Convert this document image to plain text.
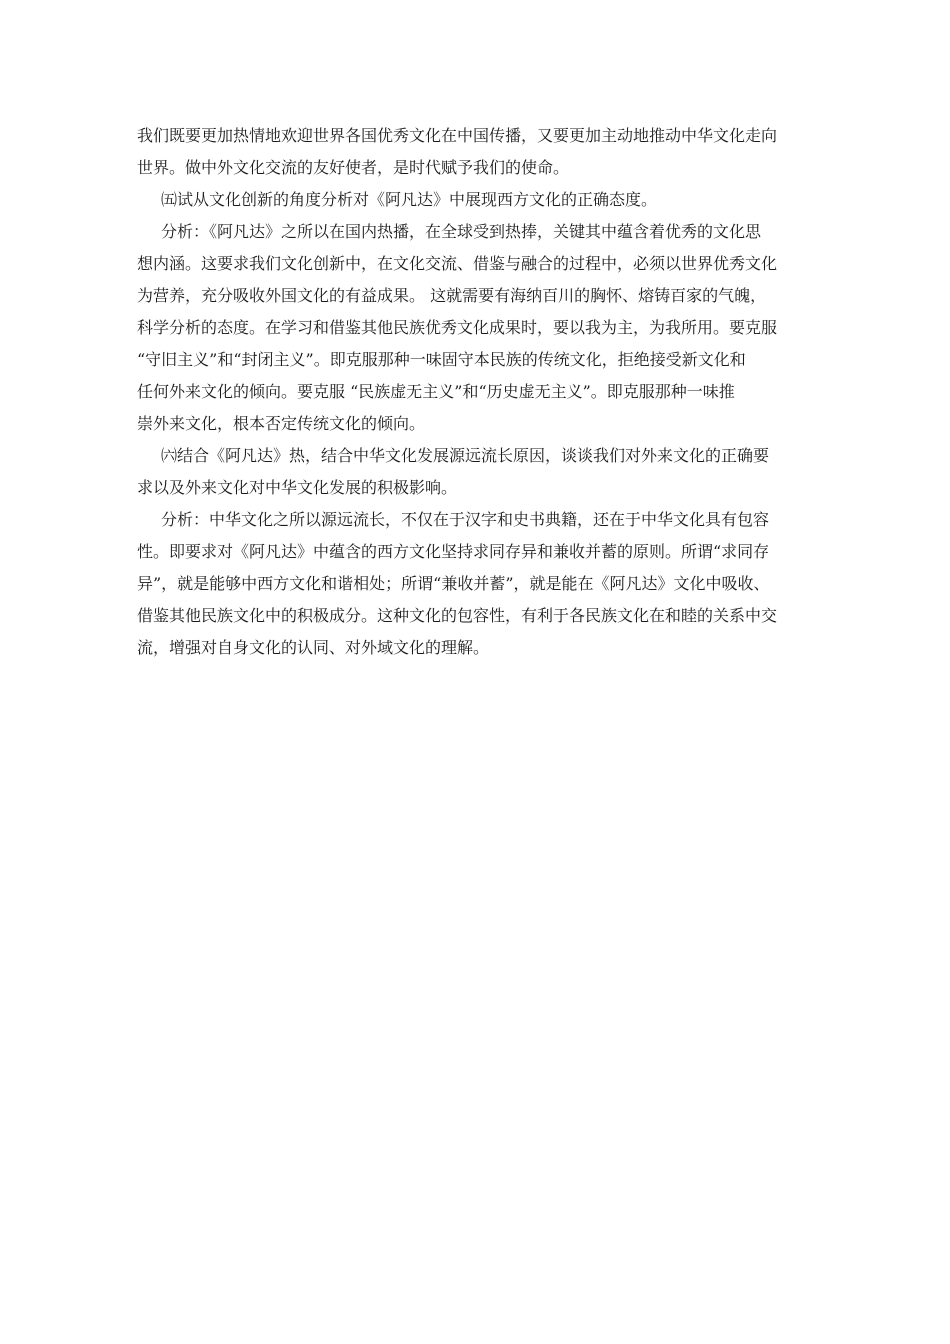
我们既要更加热情地欢迎世界各国优秀文化在中国传播，又要更加主动地推动中华文化走向
世界。做中外文化交流的友好使者，是时代赋予我们的使命。
㈤试从文化创新的角度分析对《阿凡达》中展现西方文化的正确态度。
分析：《阿凡达》之所以在国内热播，在全球受到热捧，关键其中蕴含着优秀的文化思
想内涵。这要求我们文化创新中，在文化交流、借鉴与融合的过程中，必须以世界优秀文化
为营养，充分吸收外国文化的有益成果。 这就需要有海纳百川的胸怀、熔铸百家的气魄，
科学分析的态度。在学习和借鉴其他民族优秀文化成果时，要以我为主，为我所用。要克服
“守旧主义”和“封闭主义”。即克服那种一味固守本民族的传统文化，拒绝接受新文化和
任何外来文化的倾向。要克服 “民族虚无主义”和“历史虚无主义”。即克服那种一味推
崇外来文化，根本否定传统文化的倾向。
㈥结合《阿凡达》热，结合中华文化发展源远流长原因，谈谈我们对外来文化的正确要
求以及外来文化对中华文化发展的积极影响。
分析：中华文化之所以源远流长，不仅在于汉字和史书典籍，还在于中华文化具有包容
性。即要求对《阿凡达》中蕴含的西方文化坚持求同存异和兼收并蓄的原则。所谓“求同存
异”，就是能够中西方文化和谐相处；所谓“兼收并蓄”，就是能在《阿凡达》文化中吸收、
借鉴其他民族文化中的积极成分。这种文化的包容性，有利于各民族文化在和睦的关系中交
流，增强对自身文化的认同、对外域文化的理解。
